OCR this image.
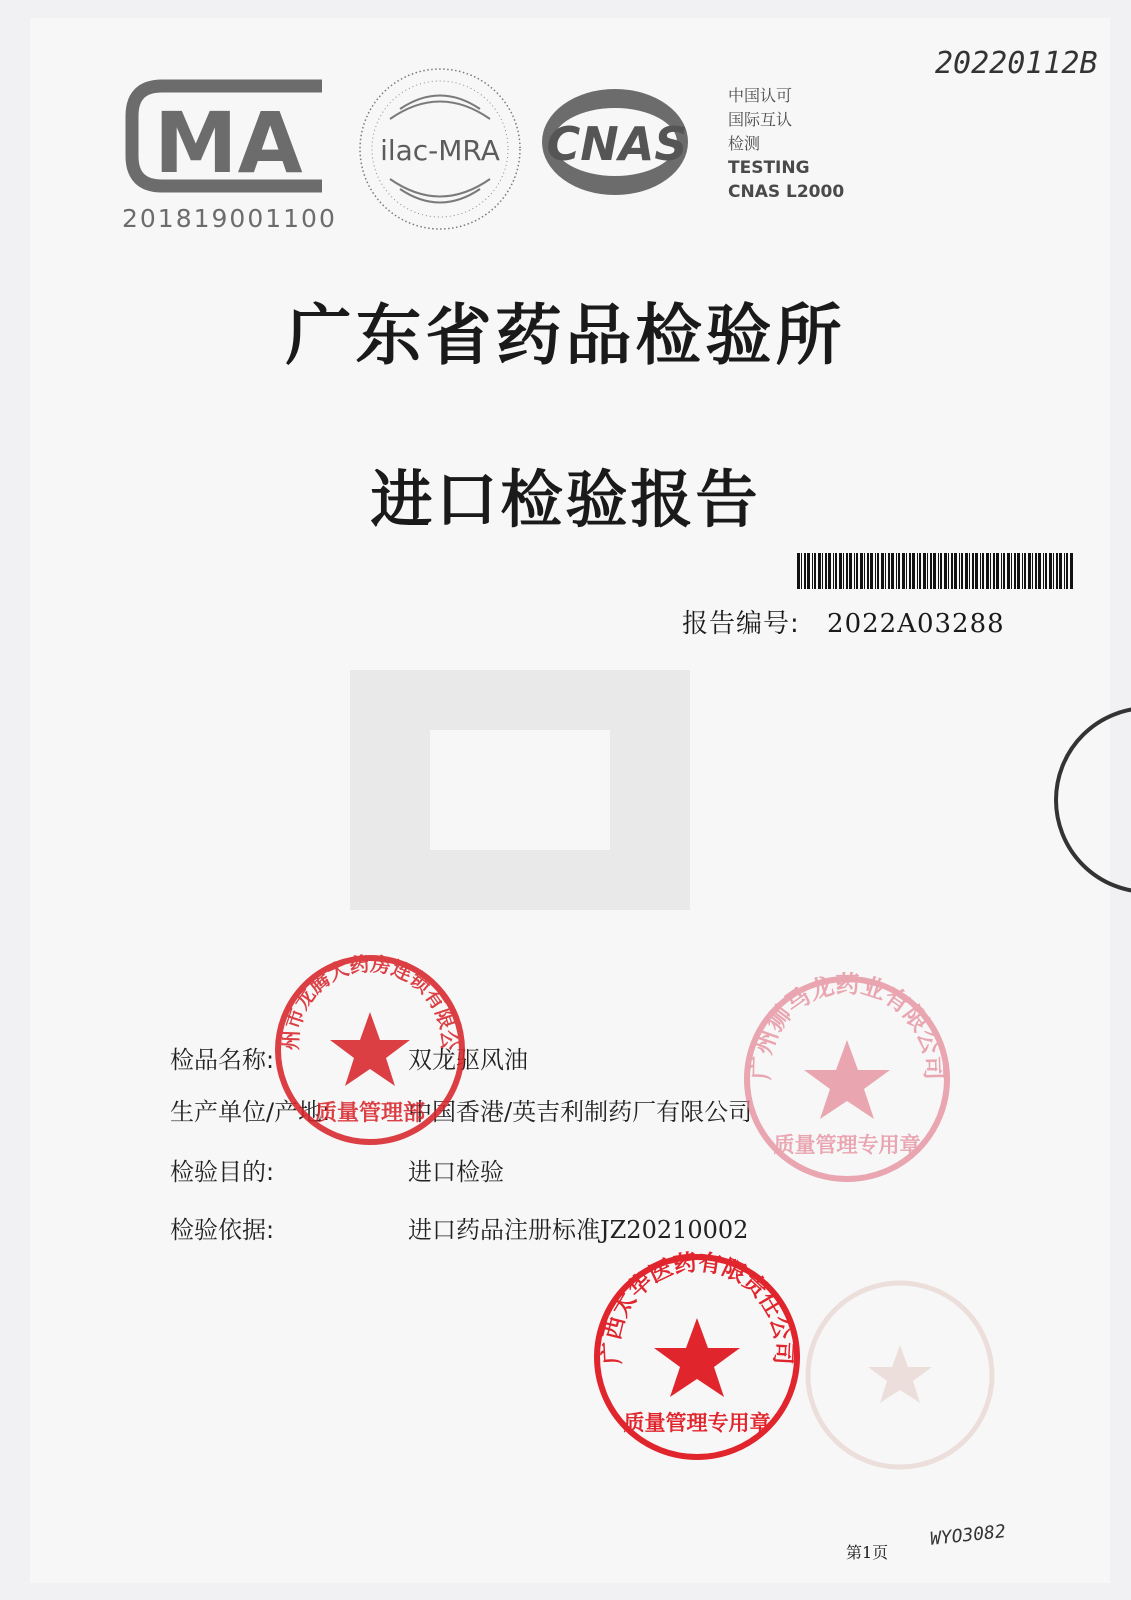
20220112B
WYO3082
MA
201819001100
ilac-MRA CNAS
中国认可
国际互认
检测
TESTING
CNAS L2000
广东省药品检验所
进口检验报告
报告编号: 2022A03288
检品名称:	双龙驱风油
生产单位/产地:	中国香港/英吉利制药厂有限公司
检验目的:	进口检验
检验依据:	进口药品注册标准JZ20210002
州市龙腾大药房连锁有限公
质量管理部
广州狮马龙药业有限公司
质量管理专用章
广西太华医药有限责任公司
质量管理专用章
第1页
